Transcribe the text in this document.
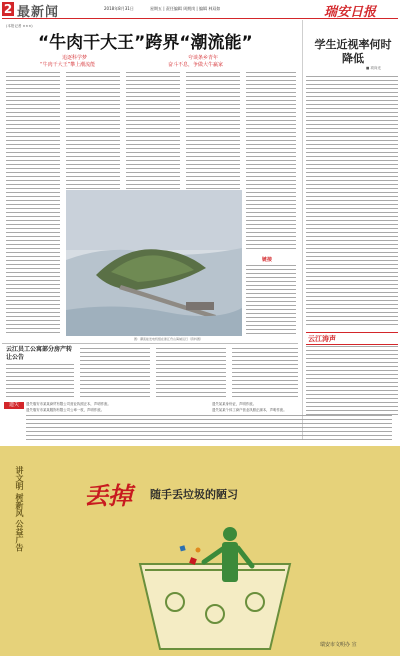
2 最新闻	2018年8月31日	星期五 | 责任编辑 周拥岗 | 编辑 林双如	瑞安日报
(本报记者 ×××)
“牛肉干大王”跨界“潮流能”
追逐科学梦
“牛肉干大王”攀上潮流能
夸谈条乡青年
奋斗不息，争做大牛赢家
链接
图：潮流能发电机组在浙江舟山海域运行（资料图）
学生近视率何时降低
■ 项向光
云江涛声
云江员工公寓部分房产转让公告
遗失	遗失瑞安市某某商贸有限公司营业执照正本，声明作废。	遗失某某身份证，声明作废。
遗失瑞安市某某服饰有限公司公章一枚，声明作废。	遗失某某个体工商户营业执照正副本，声明作废。
讲文明 树新风 公益广告	丢掉 随手丢垃圾的陋习
瑞安市文明办 宣
